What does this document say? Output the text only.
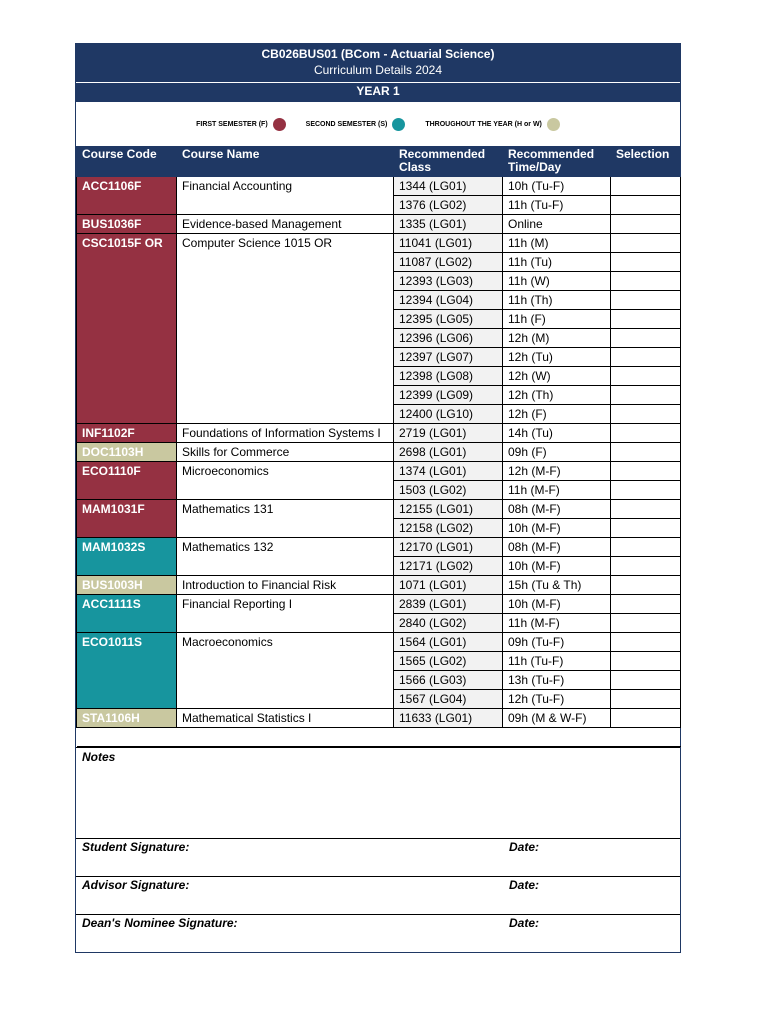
CB026BUS01 (BCom - Actuarial Science)
Curriculum Details 2024
YEAR 1
FIRST SEMESTER (F)	SECOND SEMESTER (S)	THROUGHOUT THE YEAR (H or W)
Course Code	Course Name	Recommended Class	Recommended Time/Day	Selection
ACC1106F	Financial Accounting	1344 (LG01)	10h (Tu-F)	
		1376 (LG02)	11h (Tu-F)	
BUS1036F	Evidence-based Management	1335 (LG01)	Online	
CSC1015F OR	Computer Science 1015 OR	11041 (LG01)	11h (M)	
		11087 (LG02)	11h (Tu)	
		12393 (LG03)	11h (W)	
		12394 (LG04)	11h (Th)	
		12395 (LG05)	11h (F)	
		12396 (LG06)	12h (M)	
		12397 (LG07)	12h (Tu)	
		12398 (LG08)	12h (W)	
		12399 (LG09)	12h (Th)	
		12400 (LG10)	12h (F)	
INF1102F	Foundations of Information Systems I	2719 (LG01)	14h (Tu)	
DOC1103H	Skills for Commerce	2698 (LG01)	09h (F)	
ECO1110F	Microeconomics	1374 (LG01)	12h (M-F)	
		1503 (LG02)	11h (M-F)	
MAM1031F	Mathematics 131	12155 (LG01)	08h (M-F)	
		12158 (LG02)	10h (M-F)	
MAM1032S	Mathematics 132	12170 (LG01)	08h (M-F)	
		12171 (LG02)	10h (M-F)	
BUS1003H	Introduction to Financial Risk	1071 (LG01)	15h (Tu & Th)	
ACC1111S	Financial Reporting I	2839 (LG01)	10h (M-F)	
		2840 (LG02)	11h (M-F)	
ECO1011S	Macroeconomics	1564 (LG01)	09h (Tu-F)	
		1565 (LG02)	11h (Tu-F)	
		1566 (LG03)	13h (Tu-F)	
		1567 (LG04)	12h (Tu-F)	
STA1106H	Mathematical Statistics I	11633 (LG01)	09h (M & W-F)	

Notes
Student Signature:	Date:
Advisor Signature:	Date:
Dean's Nominee Signature:	Date:
